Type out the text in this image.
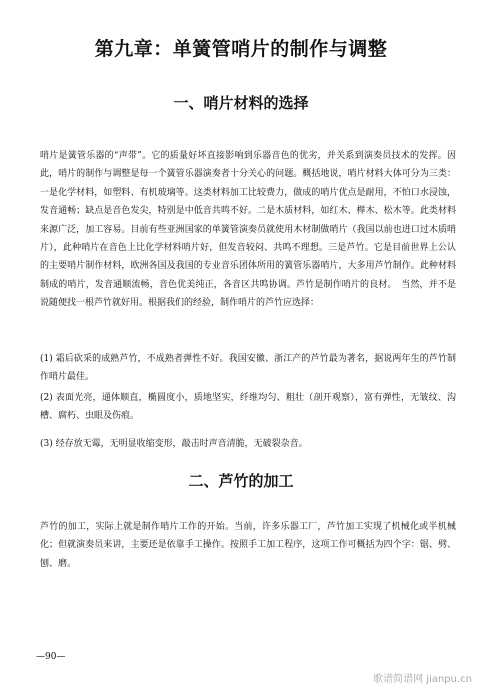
第九章：单簧管哨片的制作与调整
一、哨片材料的选择

哨片是簧管乐器的“声带”。它的质量好坏直接影响到乐器音色的优劣，并关系到演奏员技术的发挥。因此，哨片的制作与调整是每一个簧管乐器演奏者十分关心的问题。概括地说，哨片材料大体可分为三类：一是化学材料，如塑料、有机玻璃等。这类材料加工比较费力，做成的哨片优点是耐用，不怕口水浸蚀，发音通畅；缺点是音色发尖，特别是中低音共鸣不好。二是木质材料，如红木、榉木、松木等。此类材料来源广泛，加工容易。目前有些亚洲国家的单簧管演奏员就使用木材制做哨片（我国以前也进口过木质哨片），此种哨片在音色上比化学材料哨片好，但发音较闷、共鸣不理想。三是芦竹。它是目前世界上公认的主要哨片制作材料，欧洲各国及我国的专业音乐团体所用的簧管乐器哨片，大多用芦竹制作。此种材料制成的哨片，发音通顺流畅，音色优美纯正，各音区共鸣协调。芦竹是制作哨片的良材。　当然，并不是说随便找一根芦竹就好用。根据我们的经验，制作哨片的芦竹应选择：

(1) 霜后砍采的成熟芦竹，不成熟者弹性不好。我国安徽、浙江产的芦竹最为著名，据说两年生的芦竹制作哨片最佳。

(2) 表面光亮，通体顺直，椭圆度小，质地坚实，纤维均匀、粗壮（剖开观察），富有弹性，无皱纹、沟槽、腐朽、虫眼及伤痕。

(3) 经存放无霉，无明显收缩变形，敲击时声音清脆，无破裂杂音。

二、芦竹的加工

芦竹的加工，实际上就是制作哨片工作的开始。当前，许多乐器工厂，芦竹加工实现了机械化或半机械化；但就演奏员来讲，主要还是依靠手工操作。按照手工加工程序，这项工作可概括为四个字：锯、劈、刨、磨。

—90—
歌谱简谱网 jianpu.cn
